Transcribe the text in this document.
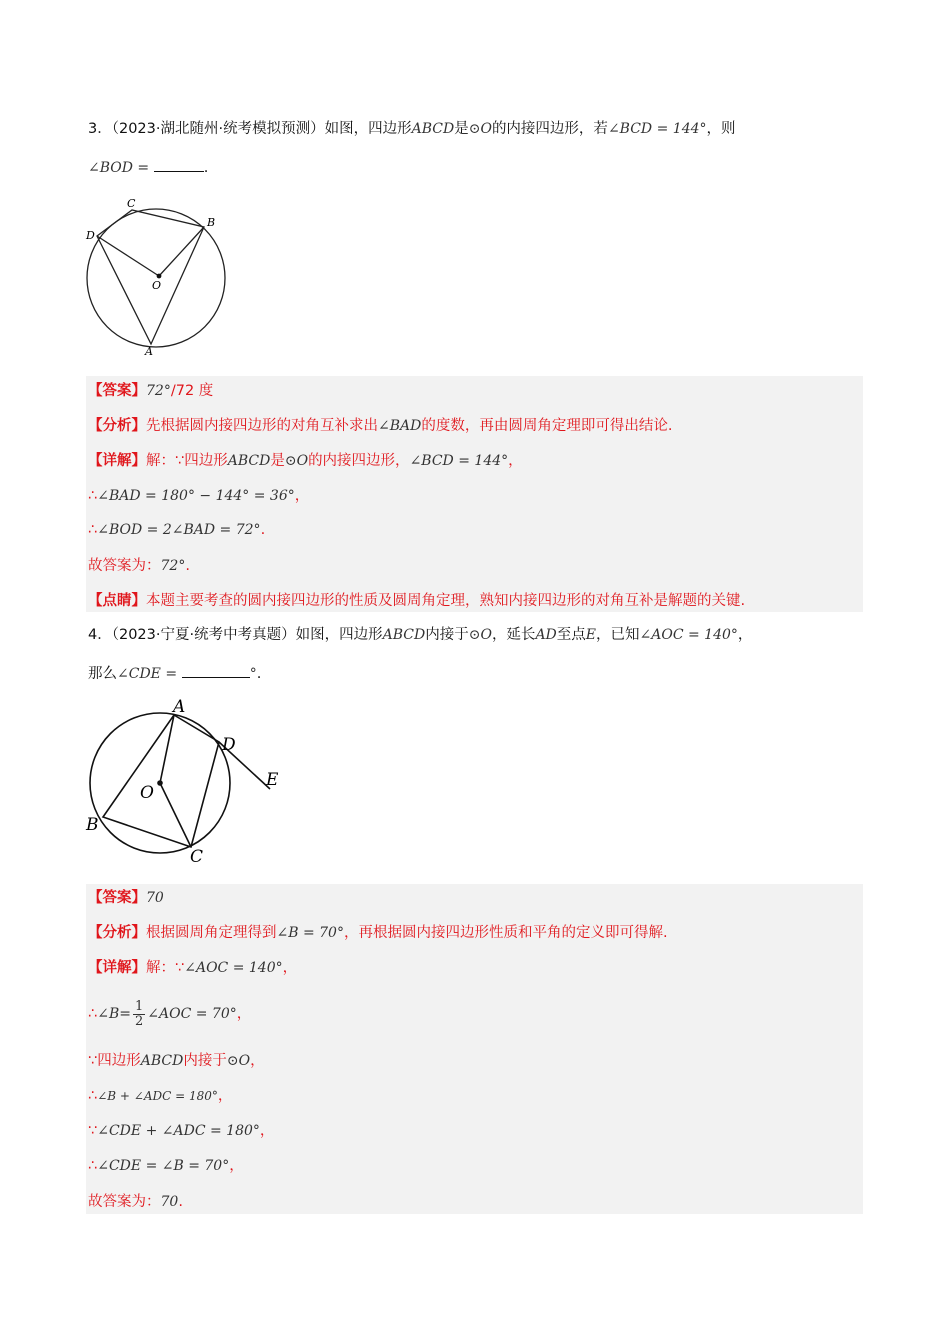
3．（2023·湖北随州·统考模拟预测）如图，四边形ABCD是⊙O的内接四边形，若∠BCD = 144°，则
∠BOD =	.
C
B
D
O
A
【答案】72°/72 度
【分析】先根据圆内接四边形的对角互补求出∠BAD的度数，再由圆周角定理即可得出结论.
【详解】解：∵四边形ABCD是⊙O的内接四边形，∠BCD = 144°，
∴∠BAD = 180° − 144° = 36°，
∴∠BOD = 2∠BAD = 72°.
故答案为：72°.
【点睛】本题主要考查的圆内接四边形的性质及圆周角定理，熟知内接四边形的对角互补是解题的关键.
4．（2023·宁夏·统考中考真题）如图，四边形ABCD内接于⊙O，延长AD至点E，已知∠AOC = 140°，
那么∠CDE =	°.
A
D
E
O
B
C
【答案】70
【分析】根据圆周角定理得到∠B = 70°，再根据圆内接四边形性质和平角的定义即可得解.
【详解】解：∵∠AOC = 140°，
∴∠B= $\frac{1}{2}$ ∠AOC = 70°，
∵四边形ABCD内接于⊙O，
∴∠B + ∠ADC = 180°，
∵∠CDE + ∠ADC = 180°，
∴∠CDE = ∠B = 70°，
故答案为：70.
